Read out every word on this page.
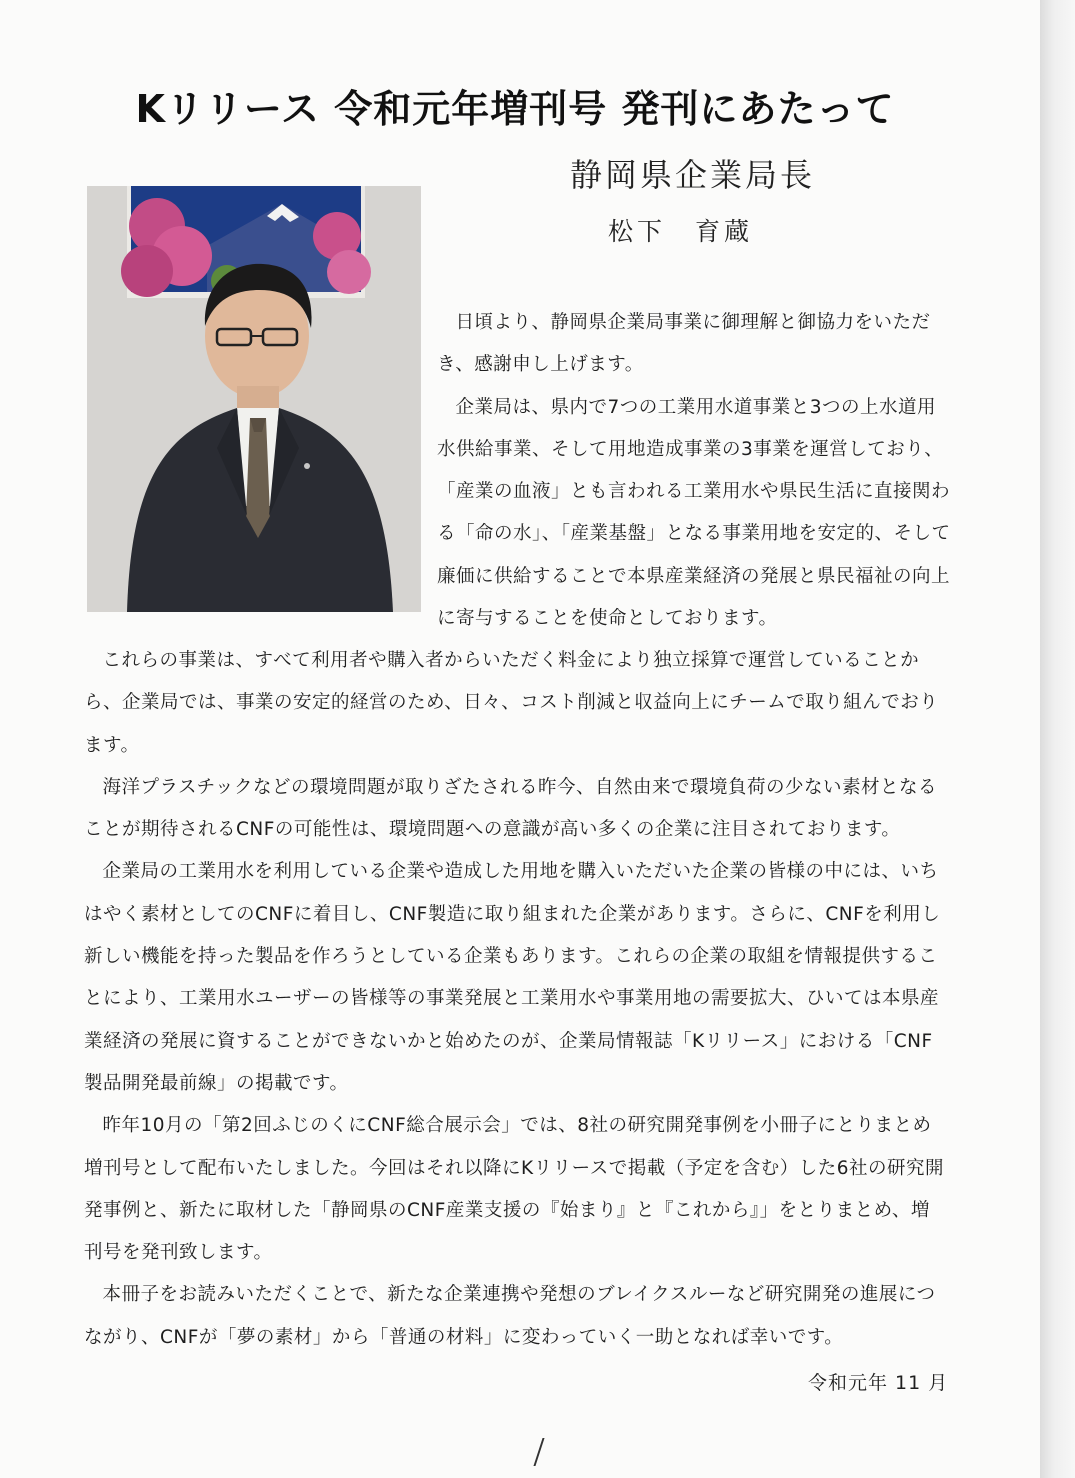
Kリリース 令和元年増刊号 発刊にあたって
静岡県企業局長
松下　育蔵

日頃より、静岡県企業局事業に御理解と御協力をいただき、感謝申し上げます。

企業局は、県内で7つの工業用水道事業と3つの上水道用水供給事業、そして用地造成事業の3事業を運営しており、「産業の血液」とも言われる工業用水や県民生活に直接関わる「命の水」、「産業基盤」となる事業用地を安定的、そして廉価に供給することで本県産業経済の発展と県民福祉の向上に寄与することを使命としております。

これらの事業は、すべて利用者や購入者からいただく料金により独立採算で運営していることから、企業局では、事業の安定的経営のため、日々、コスト削減と収益向上にチームで取り組んでおります。

海洋プラスチックなどの環境問題が取りざたされる昨今、自然由来で環境負荷の少ない素材となることが期待されるCNFの可能性は、環境問題への意識が高い多くの企業に注目されております。

企業局の工業用水を利用している企業や造成した用地を購入いただいた企業の皆様の中には、いちはやく素材としてのCNFに着目し、CNF製造に取り組まれた企業があります。さらに、CNFを利用し新しい機能を持った製品を作ろうとしている企業もあります。これらの企業の取組を情報提供することにより、工業用水ユーザーの皆様等の事業発展と工業用水や事業用地の需要拡大、ひいては本県産業経済の発展に資することができないかと始めたのが、企業局情報誌「Kリリース」における「CNF製品開発最前線」の掲載です。

昨年10月の「第2回ふじのくにCNF総合展示会」では、8社の研究開発事例を小冊子にとりまとめ増刊号として配布いたしました。今回はそれ以降にKリリースで掲載（予定を含む）した6社の研究開発事例と、新たに取材した「静岡県のCNF産業支援の『始まり』と『これから』」をとりまとめ、増刊号を発刊致します。

本冊子をお読みいただくことで、新たな企業連携や発想のブレイクスルーなど研究開発の進展につながり、CNFが「夢の素材」から「普通の材料」に変わっていく一助となれば幸いです。

令和元年 11 月
